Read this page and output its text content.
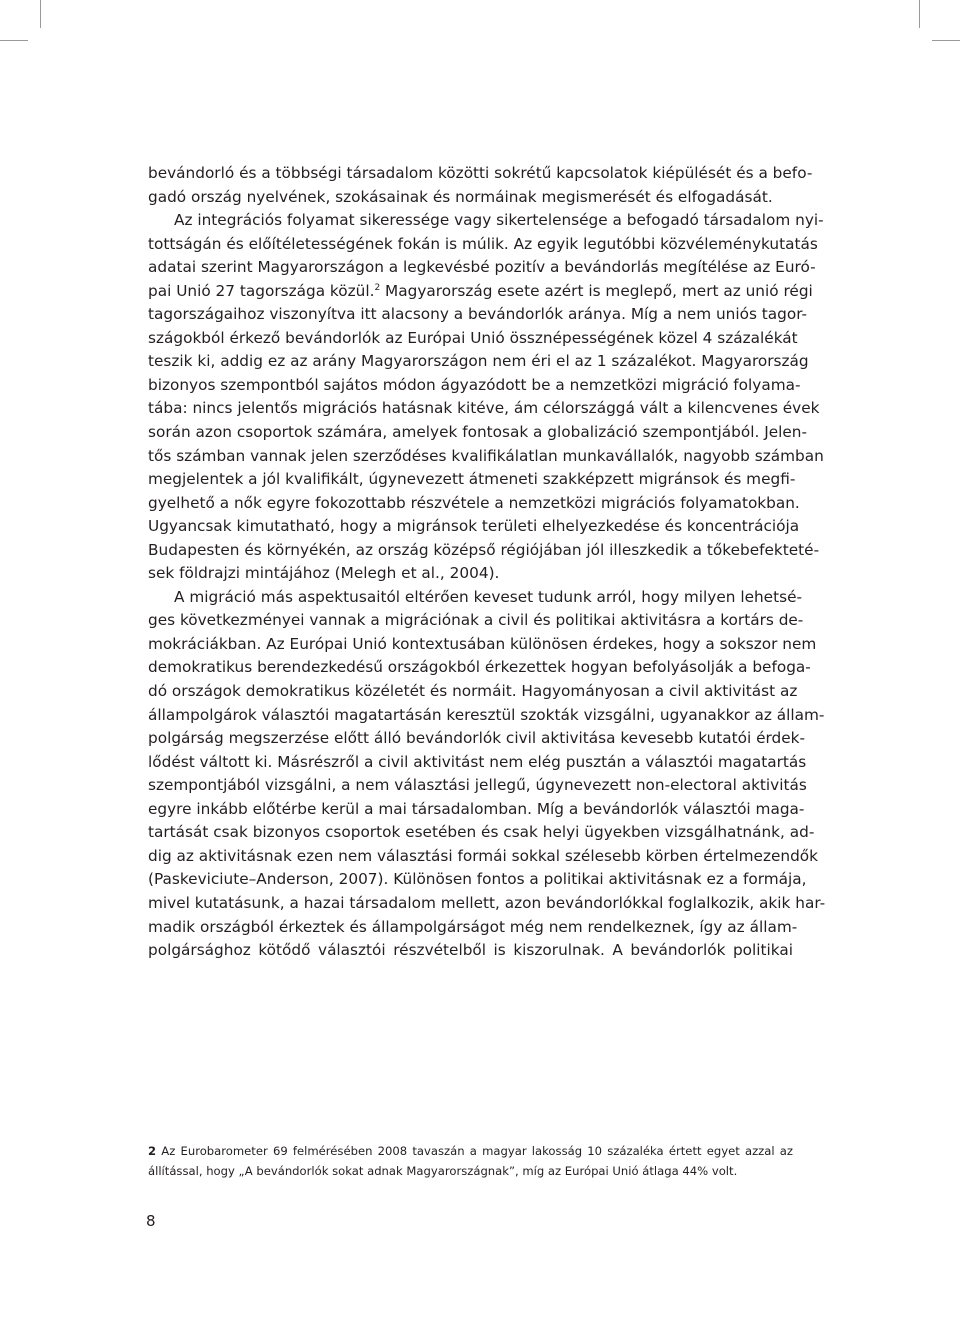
bevándorló és a többségi társadalom közötti sokrétű kapcsolatok kiépülését és a befo-
gadó ország nyelvének, szokásainak és normáinak megismerését és elfogadását.
Az integrációs folyamat sikeressége vagy sikertelensége a befogadó társadalom nyi-
tottságán és előítéletességének fokán is múlik. Az egyik legutóbbi közvéleménykutatás
adatai szerint Magyarországon a legkevésbé pozitív a bevándorlás megítélése az Euró-
pai Unió 27 tagországa közül.$^2$ Magyarország esete azért is meglepő, mert az unió régi
tagországaihoz viszonyítva itt alacsony a bevándorlók aránya. Míg a nem uniós tagor-
szágokból érkező bevándorlók az Európai Unió össznépességének közel 4 százalékát
teszik ki, addig ez az arány Magyarországon nem éri el az 1 százalékot. Magyarország
bizonyos szempontból sajátos módon ágyazódott be a nemzetközi migráció folyama-
tába: nincs jelentős migrációs hatásnak kitéve, ám célországgá vált a kilencvenes évek
során azon csoportok számára, amelyek fontosak a globalizáció szempontjából. Jelen-
tős számban vannak jelen szerződéses kvalifikálatlan munkavállalók, nagyobb számban
megjelentek a jól kvalifikált, úgynevezett átmeneti szakképzett migránsok és megfi-
gyelhető a nők egyre fokozottabb részvétele a nemzetközi migrációs folyamatokban.
Ugyancsak kimutatható, hogy a migránsok területi elhelyezkedése és koncentrációja
Budapesten és környékén, az ország középső régiójában jól illeszkedik a tőkebefektеté-
sek földrajzi mintájához (Melegh et al., 2004).
A migráció más aspektusaitól eltérően keveset tudunk arról, hogy milyen lehetsé-
ges következményei vannak a migrációnak a civil és politikai aktivitásra a kortárs de-
mokráciákban. Az Európai Unió kontextusában különösen érdekes, hogy a sokszor nem
demokratikus berendezkedésű országokból érkezettek hogyan befolyásolják a befoga-
dó országok demokratikus közéletét és normáit. Hagyományosan a civil aktivitást az
állampolgárok választói magatartásán keresztül szokták vizsgálni, ugyanakkor az állam-
polgárság megszerzése előtt álló bevándorlók civil aktivitása kevesebb kutatói érdek-
lődést váltott ki. Másrészről a civil aktivitást nem elég pusztán a választói magatartás
szempontjából vizsgálni, a nem választási jellegű, úgynevezett non-electoral aktivitás
egyre inkább előtérbe kerül a mai társadalomban. Míg a bevándorlók választói maga-
tartását csak bizonyos csoportok esetében és csak helyi ügyekben vizsgálhatnánk, ad-
dig az aktivitásnak ezen nem választási formái sokkal szélesebb körben értelmezendők
(Paskeviciute–Anderson, 2007). Különösen fontos a politikai aktivitásnak ez a formája,
mivel kutatásunk, a hazai társadalom mellett, azon bevándorlókkal foglalkozik, akik har-
madik országból érkeztek és állampolgárságot még nem rendelkeznek, így az állam-
polgársághoz kötődő választói részvételből is kiszorulnak. A bevándorlók politikai
2 Az Eurobarometer 69 felmérésében 2008 tavaszán a magyar lakosság 10 százaléka értett egyet azzal az
állítással, hogy „A bevándorlók sokat adnak Magyarországnak”, míg az Európai Unió átlaga 44% volt.
8
